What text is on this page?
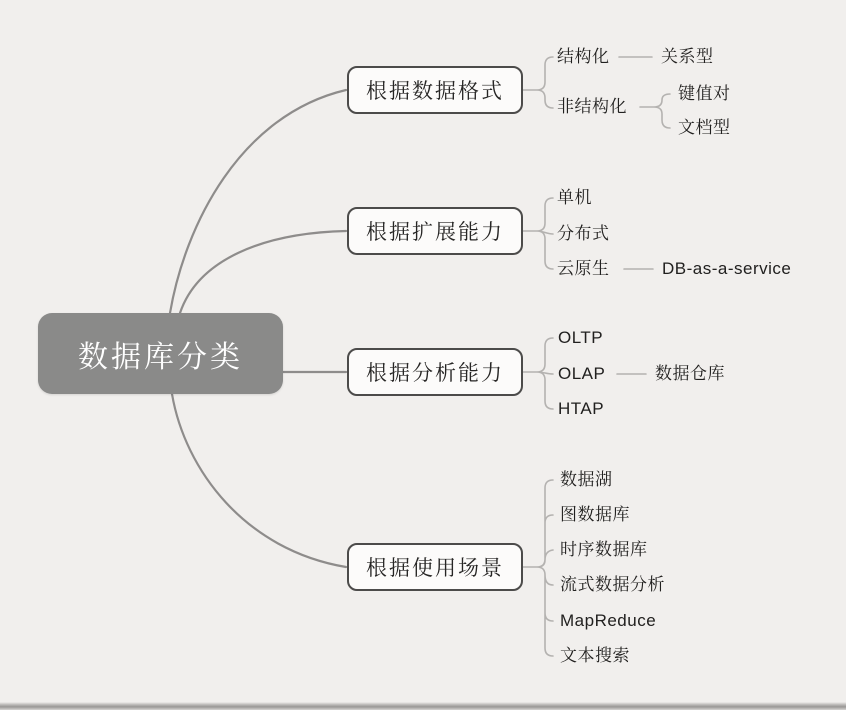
数据库分类
根据数据格式
根据扩展能力
根据分析能力
根据使用场景
结构化	关系型
非结构化
键值对
文档型
单机
分布式
云原生	DB-as-a-service
OLTP
OLAP	数据仓库
HTAP
数据湖
图数据库
时序数据库
流式数据分析
MapReduce
文本搜索
